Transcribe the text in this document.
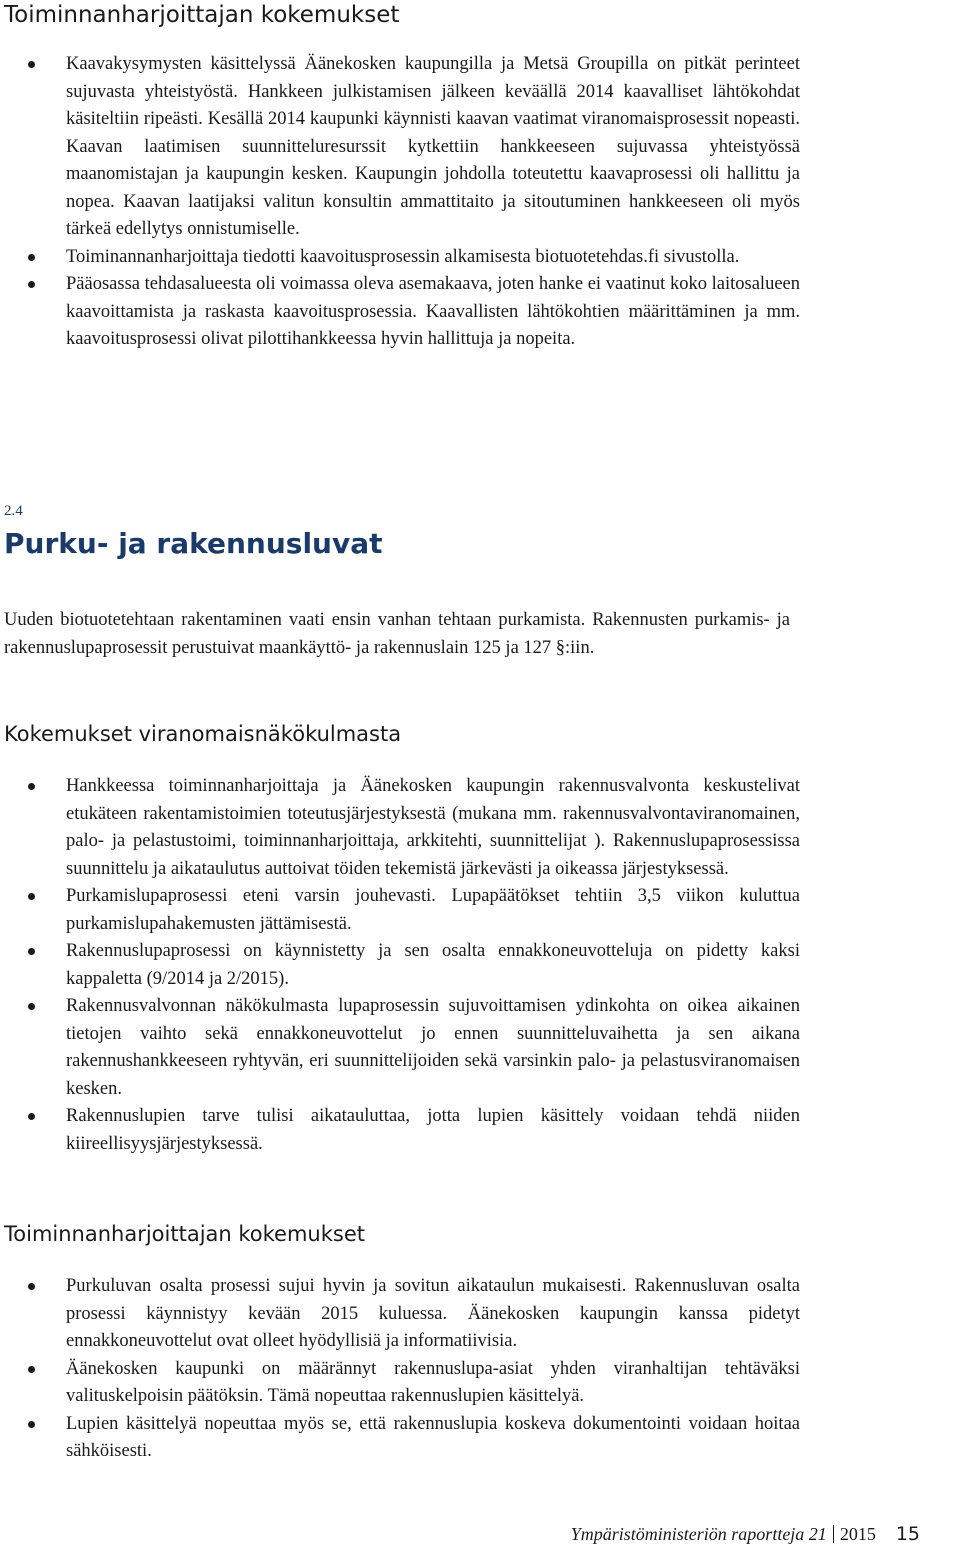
Toiminnanharjoittajan kokemukset
Kaavakysymysten käsittelyssä Äänekosken kaupungilla ja Metsä Groupilla on pitkät perinteet sujuvasta yhteistyöstä. Hankkeen julkistamisen jälkeen keväällä 2014 kaavalliset lähtökohdat käsiteltiin ripeästi. Kesällä 2014 kaupunki käynnisti kaavan vaatimat viranomaisprosessit nopeasti. Kaavan laatimisen suunnitteluresurssit kytkettiin hankkeeseen sujuvassa yhteistyössä maanomistajan ja kaupungin kesken. Kaupungin johdolla toteutettu kaavaprosessi oli hallittu ja nopea. Kaavan laatijaksi valitun konsultin ammattitaito ja sitoutuminen hankkeeseen oli myös tärkeä edellytys onnistumiselle.
Toiminannanharjoittaja tiedotti kaavoitusprosessin alkamisesta biotuotetehdas.fi sivustolla.
Pääosassa tehdasalueesta oli voimassa oleva asemakaava, joten hanke ei vaatinut koko laitosalueen kaavoittamista ja raskasta kaavoitusprosessia. Kaavallisten lähtökohtien määrittäminen ja mm. kaavoitusprosessi olivat pilottihankkeessa hyvin hallittuja ja nopeita.
2.4
Purku- ja rakennusluvat

Uuden biotuotetehtaan rakentaminen vaati ensin vanhan tehtaan purkamista. Rakennusten purkamis- ja rakennuslupaprosessit perustuivat maankäyttö- ja rakennuslain 125 ja 127 §:iin.

Kokemukset viranomaisnäkökulmasta
Hankkeessa toiminnanharjoittaja ja Äänekosken kaupungin rakennusvalvonta keskustelivat etukäteen rakentamistoimien toteutusjärjestyksestä (mukana mm. rakennusvalvontaviranomainen, palo- ja pelastustoimi, toiminnanharjoittaja, arkkitehti, suunnittelijat ). Rakennuslupaprosessissa suunnittelu ja aikataulutus auttoivat töiden tekemistä järkevästi ja oikeassa järjestyksessä.
Purkamislupaprosessi eteni varsin jouhevasti. Lupapäätökset tehtiin 3,5 viikon kuluttua purkamislupahakemusten jättämisestä.
Rakennuslupaprosessi on käynnistetty ja sen osalta ennakkoneuvotteluja on pidetty kaksi kappaletta (9/2014 ja 2/2015).
Rakennusvalvonnan näkökulmasta lupaprosessin sujuvoittamisen ydinkohta on oikea aikainen tietojen vaihto sekä ennakkoneuvottelut jo ennen suunnitteluvaihetta ja sen aikana rakennushankkeeseen ryhtyvän, eri suunnittelijoiden sekä varsinkin palo- ja pelastusviranomaisen kesken.
Rakennuslupien tarve tulisi aikatauluttaa, jotta lupien käsittely voidaan tehdä niiden kiireellisyysjärjestyksessä.
Toiminnanharjoittajan kokemukset
Purkuluvan osalta prosessi sujui hyvin ja sovitun aikataulun mukaisesti. Rakennusluvan osalta prosessi käynnistyy kevään 2015 kuluessa. Äänekosken kaupungin kanssa pidetyt ennakkoneuvottelut ovat olleet hyödyllisiä ja informatiivisia.
Äänekosken kaupunki on määrännyt rakennuslupa-asiat yhden viranhaltijan tehtäväksi valituskelpoisin päätöksin. Tämä nopeuttaa rakennuslupien käsittelyä.
Lupien käsittelyä nopeuttaa myös se, että rakennuslupia koskeva dokumentointi voidaan hoitaa sähköisesti.
Ympäristöministeriön raportteja 21 2015 15
